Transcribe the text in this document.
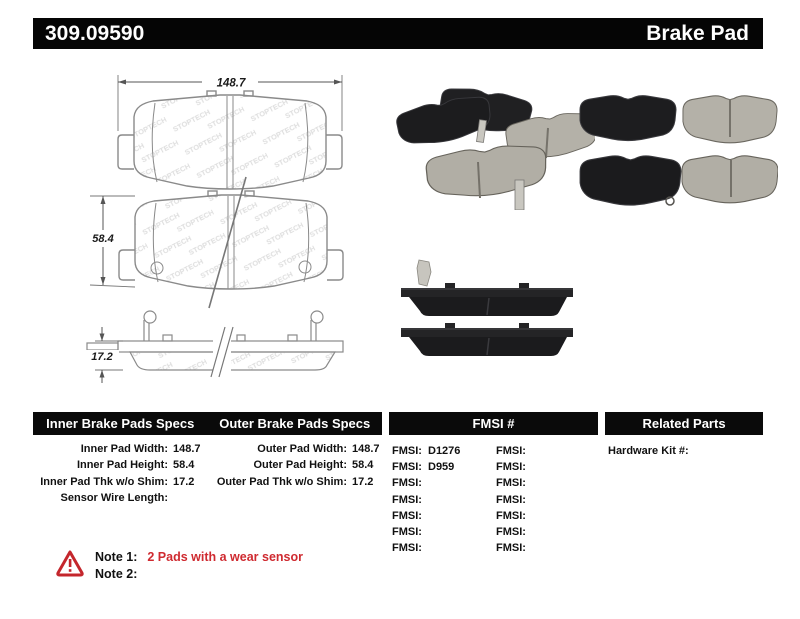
309.09590	Brake Pad
148.7
58.4
17.2
Inner Brake Pads Specs	Outer Brake Pads Specs	FMSI #	Related Parts
Inner Pad Width: 148.7
Inner Pad Height: 58.4
Inner Pad Thk w/o Shim: 17.2
Sensor Wire Length:
Outer Pad Width: 148.7
Outer Pad Height: 58.4
Outer Pad Thk w/o Shim: 17.2
FMSI: D1276	FMSI:
FMSI: D959	FMSI:
FMSI:	FMSI:
FMSI:	FMSI:
FMSI:	FMSI:
FMSI:	FMSI:
FMSI:	FMSI:
Hardware Kit #:
Note 1: 2 Pads with a wear sensor
Note 2:
